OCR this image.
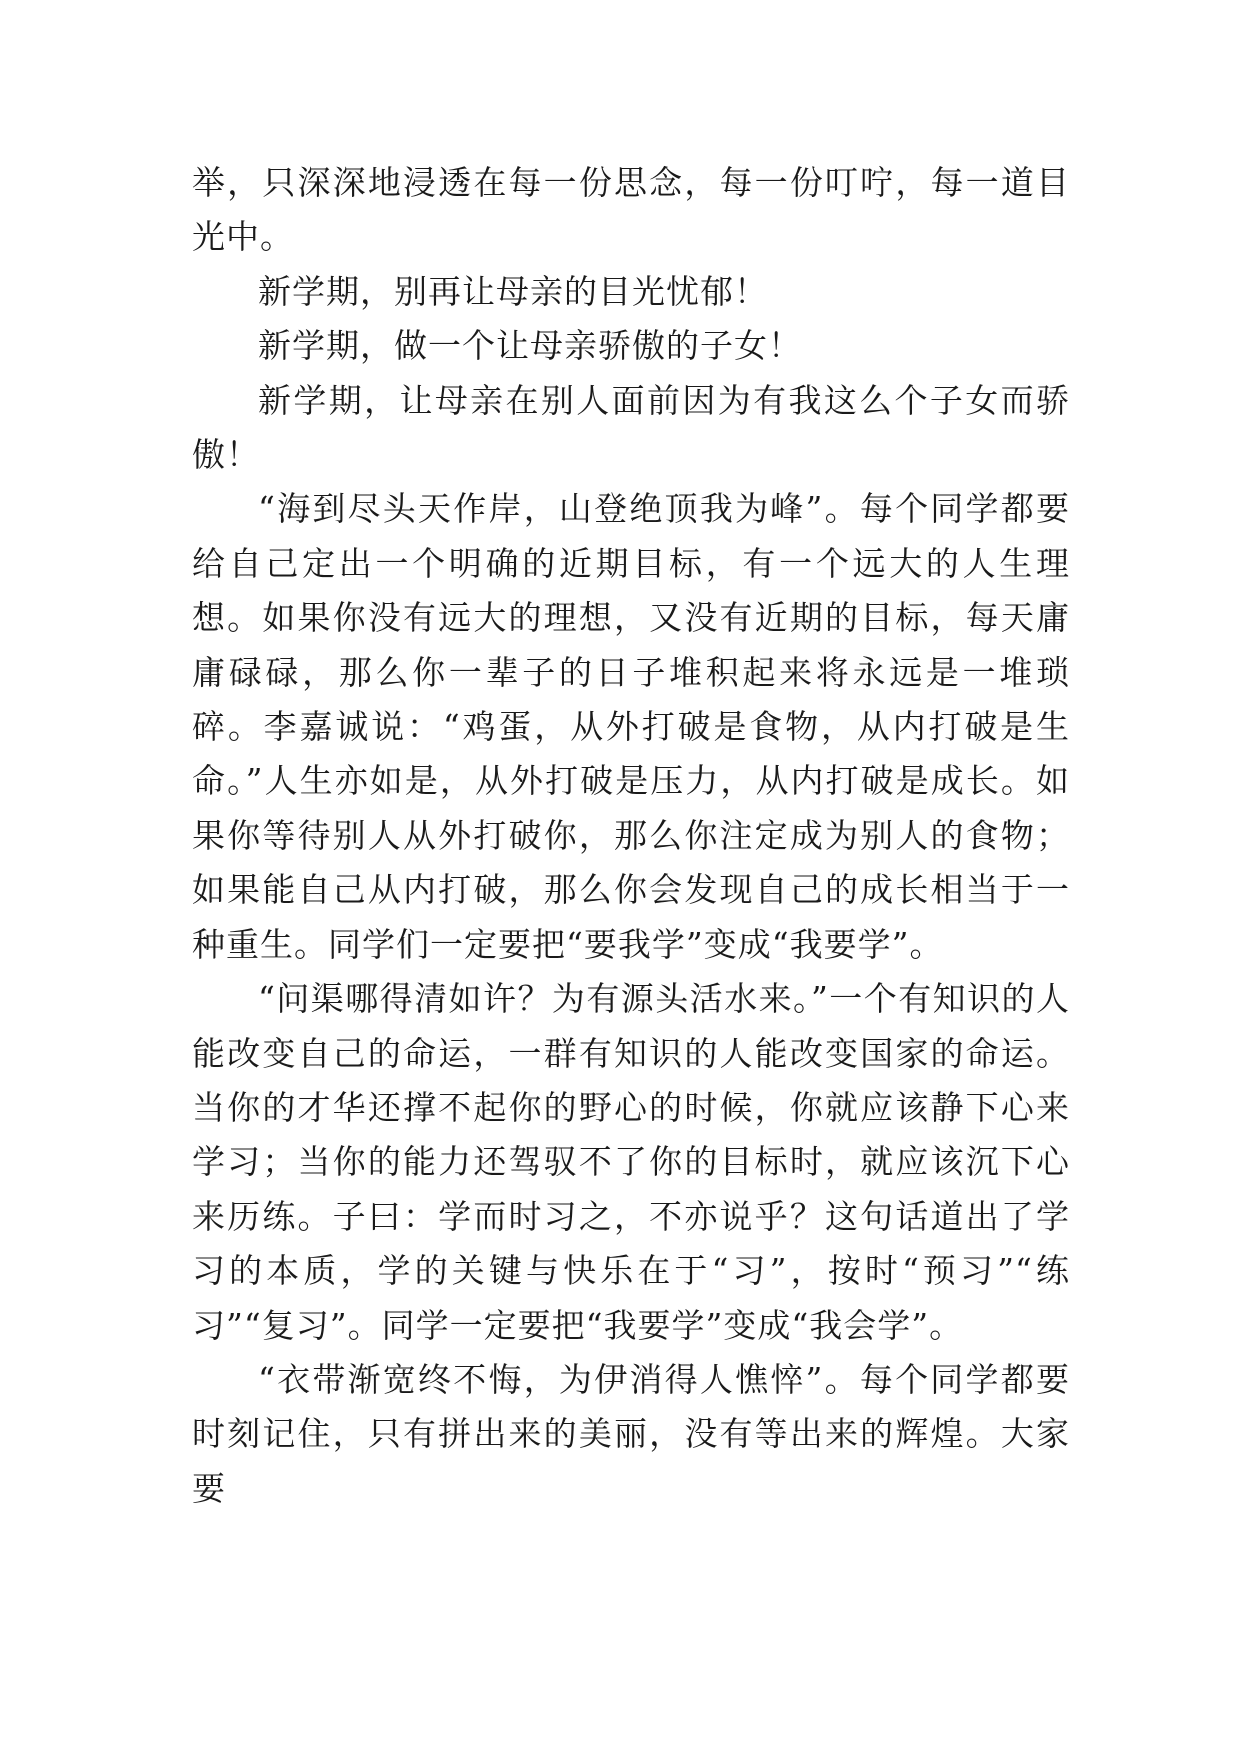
举，只深深地浸透在每一份思念，每一份叮咛，每一道目光中。

新学期，别再让母亲的目光忧郁！

新学期，做一个让母亲骄傲的子女！

新学期，让母亲在别人面前因为有我这么个子女而骄傲！

“海到尽头天作岸，山登绝顶我为峰”。每个同学都要给自己定出一个明确的近期目标，有一个远大的人生理想。如果你没有远大的理想，又没有近期的目标，每天庸庸碌碌，那么你一辈子的日子堆积起来将永远是一堆琐碎。李嘉诚说：“鸡蛋，从外打破是食物，从内打破是生命。”人生亦如是，从外打破是压力，从内打破是成长。如果你等待别人从外打破你，那么你注定成为别人的食物；如果能自己从内打破，那么你会发现自己的成长相当于一种重生。同学们一定要把“要我学”变成“我要学”。

“问渠哪得清如许？为有源头活水来。”一个有知识的人能改变自己的命运，一群有知识的人能改变国家的命运。当你的才华还撑不起你的野心的时候，你就应该静下心来学习；当你的能力还驾驭不了你的目标时，就应该沉下心来历练。子曰：学而时习之，不亦说乎？这句话道出了学习的本质，学的关键与快乐在于“习”，按时“预习”“练习”“复习”。同学一定要把“我要学”变成“我会学”。

“衣带渐宽终不悔，为伊消得人憔悴”。每个同学都要时刻记住，只有拼出来的美丽，没有等出来的辉煌。大家要
